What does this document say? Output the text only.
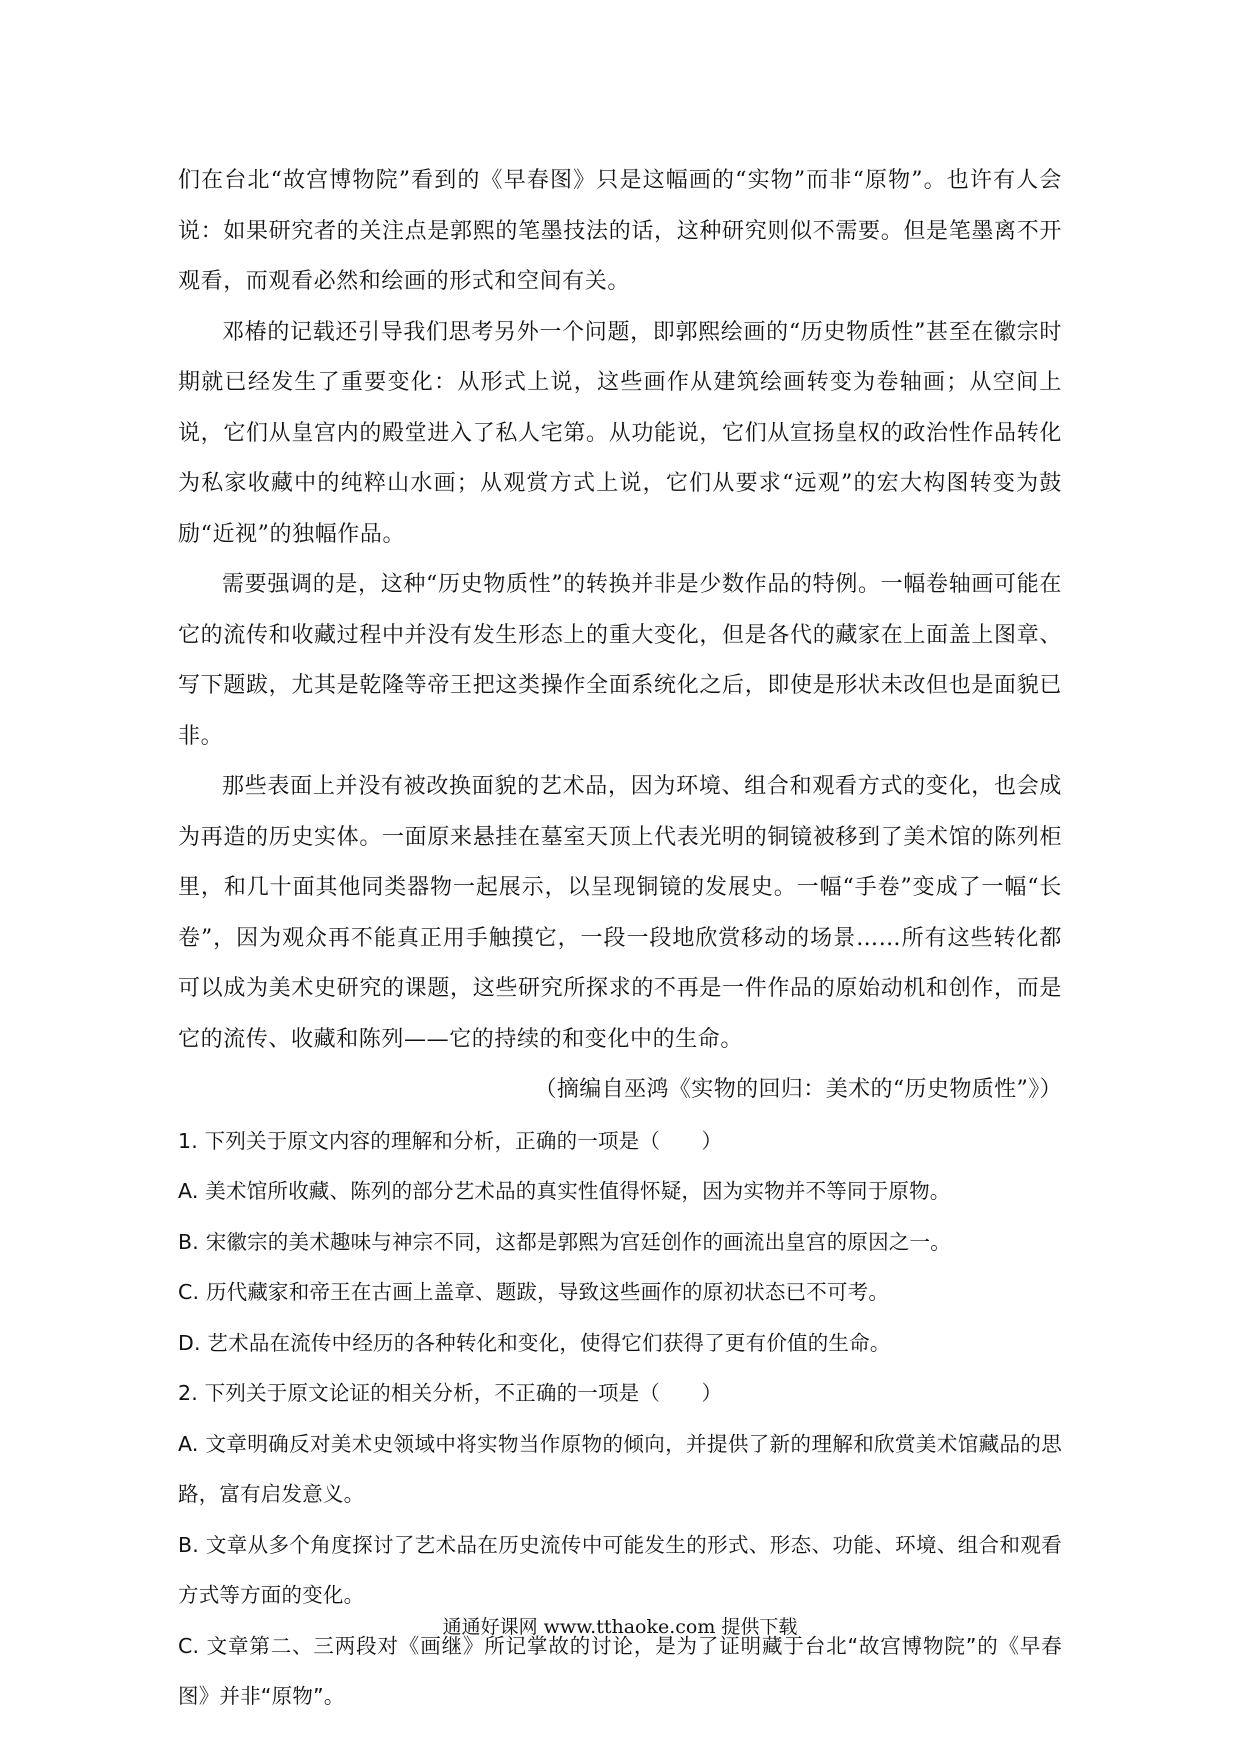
们在台北“故宫博物院”看到的《早春图》只是这幅画的“实物”而非“原物”。也许有人会说：如果研究者的关注点是郭熙的笔墨技法的话，这种研究则似不需要。但是笔墨离不开观看，而观看必然和绘画的形式和空间有关。

邓椿的记载还引导我们思考另外一个问题，即郭熙绘画的“历史物质性”甚至在徽宗时期就已经发生了重要变化：从形式上说，这些画作从建筑绘画转变为卷轴画；从空间上说，它们从皇宫内的殿堂进入了私人宅第。从功能说，它们从宣扬皇权的政治性作品转化为私家收藏中的纯粹山水画；从观赏方式上说，它们从要求“远观”的宏大构图转变为鼓励“近视”的独幅作品。

需要强调的是，这种“历史物质性”的转换并非是少数作品的特例。一幅卷轴画可能在它的流传和收藏过程中并没有发生形态上的重大变化，但是各代的藏家在上面盖上图章、写下题跋，尤其是乾隆等帝王把这类操作全面系统化之后，即使是形状未改但也是面貌已非。

那些表面上并没有被改换面貌的艺术品，因为环境、组合和观看方式的变化，也会成为再造的历史实体。一面原来悬挂在墓室天顶上代表光明的铜镜被移到了美术馆的陈列柜里，和几十面其他同类器物一起展示，以呈现铜镜的发展史。一幅“手卷”变成了一幅“长卷”，因为观众再不能真正用手触摸它，一段一段地欣赏移动的场景……所有这些转化都可以成为美术史研究的课题，这些研究所探求的不再是一件作品的原始动机和创作，而是它的流传、收藏和陈列——它的持续的和变化中的生命。

（摘编自巫鸿《实物的回归：美术的“历史物质性”》）

1. 下列关于原文内容的理解和分析，正确的一项是（　　）

A. 美术馆所收藏、陈列的部分艺术品的真实性值得怀疑，因为实物并不等同于原物。

B. 宋徽宗的美术趣味与神宗不同，这都是郭熙为宫廷创作的画流出皇宫的原因之一。

C. 历代藏家和帝王在古画上盖章、题跋，导致这些画作的原初状态已不可考。

D. 艺术品在流传中经历的各种转化和变化，使得它们获得了更有价值的生命。

2. 下列关于原文论证的相关分析，不正确的一项是（　　）

A. 文章明确反对美术史领域中将实物当作原物的倾向，并提供了新的理解和欣赏美术馆藏品的思路，富有启发意义。

B. 文章从多个角度探讨了艺术品在历史流传中可能发生的形式、形态、功能、环境、组合和观看方式等方面的变化。

C. 文章第二、三两段对《画继》所记掌故的讨论，是为了证明藏于台北“故宫博物院”的《早春图》并非“原物”。

通通好课网 www.tthaoke.com 提供下载
